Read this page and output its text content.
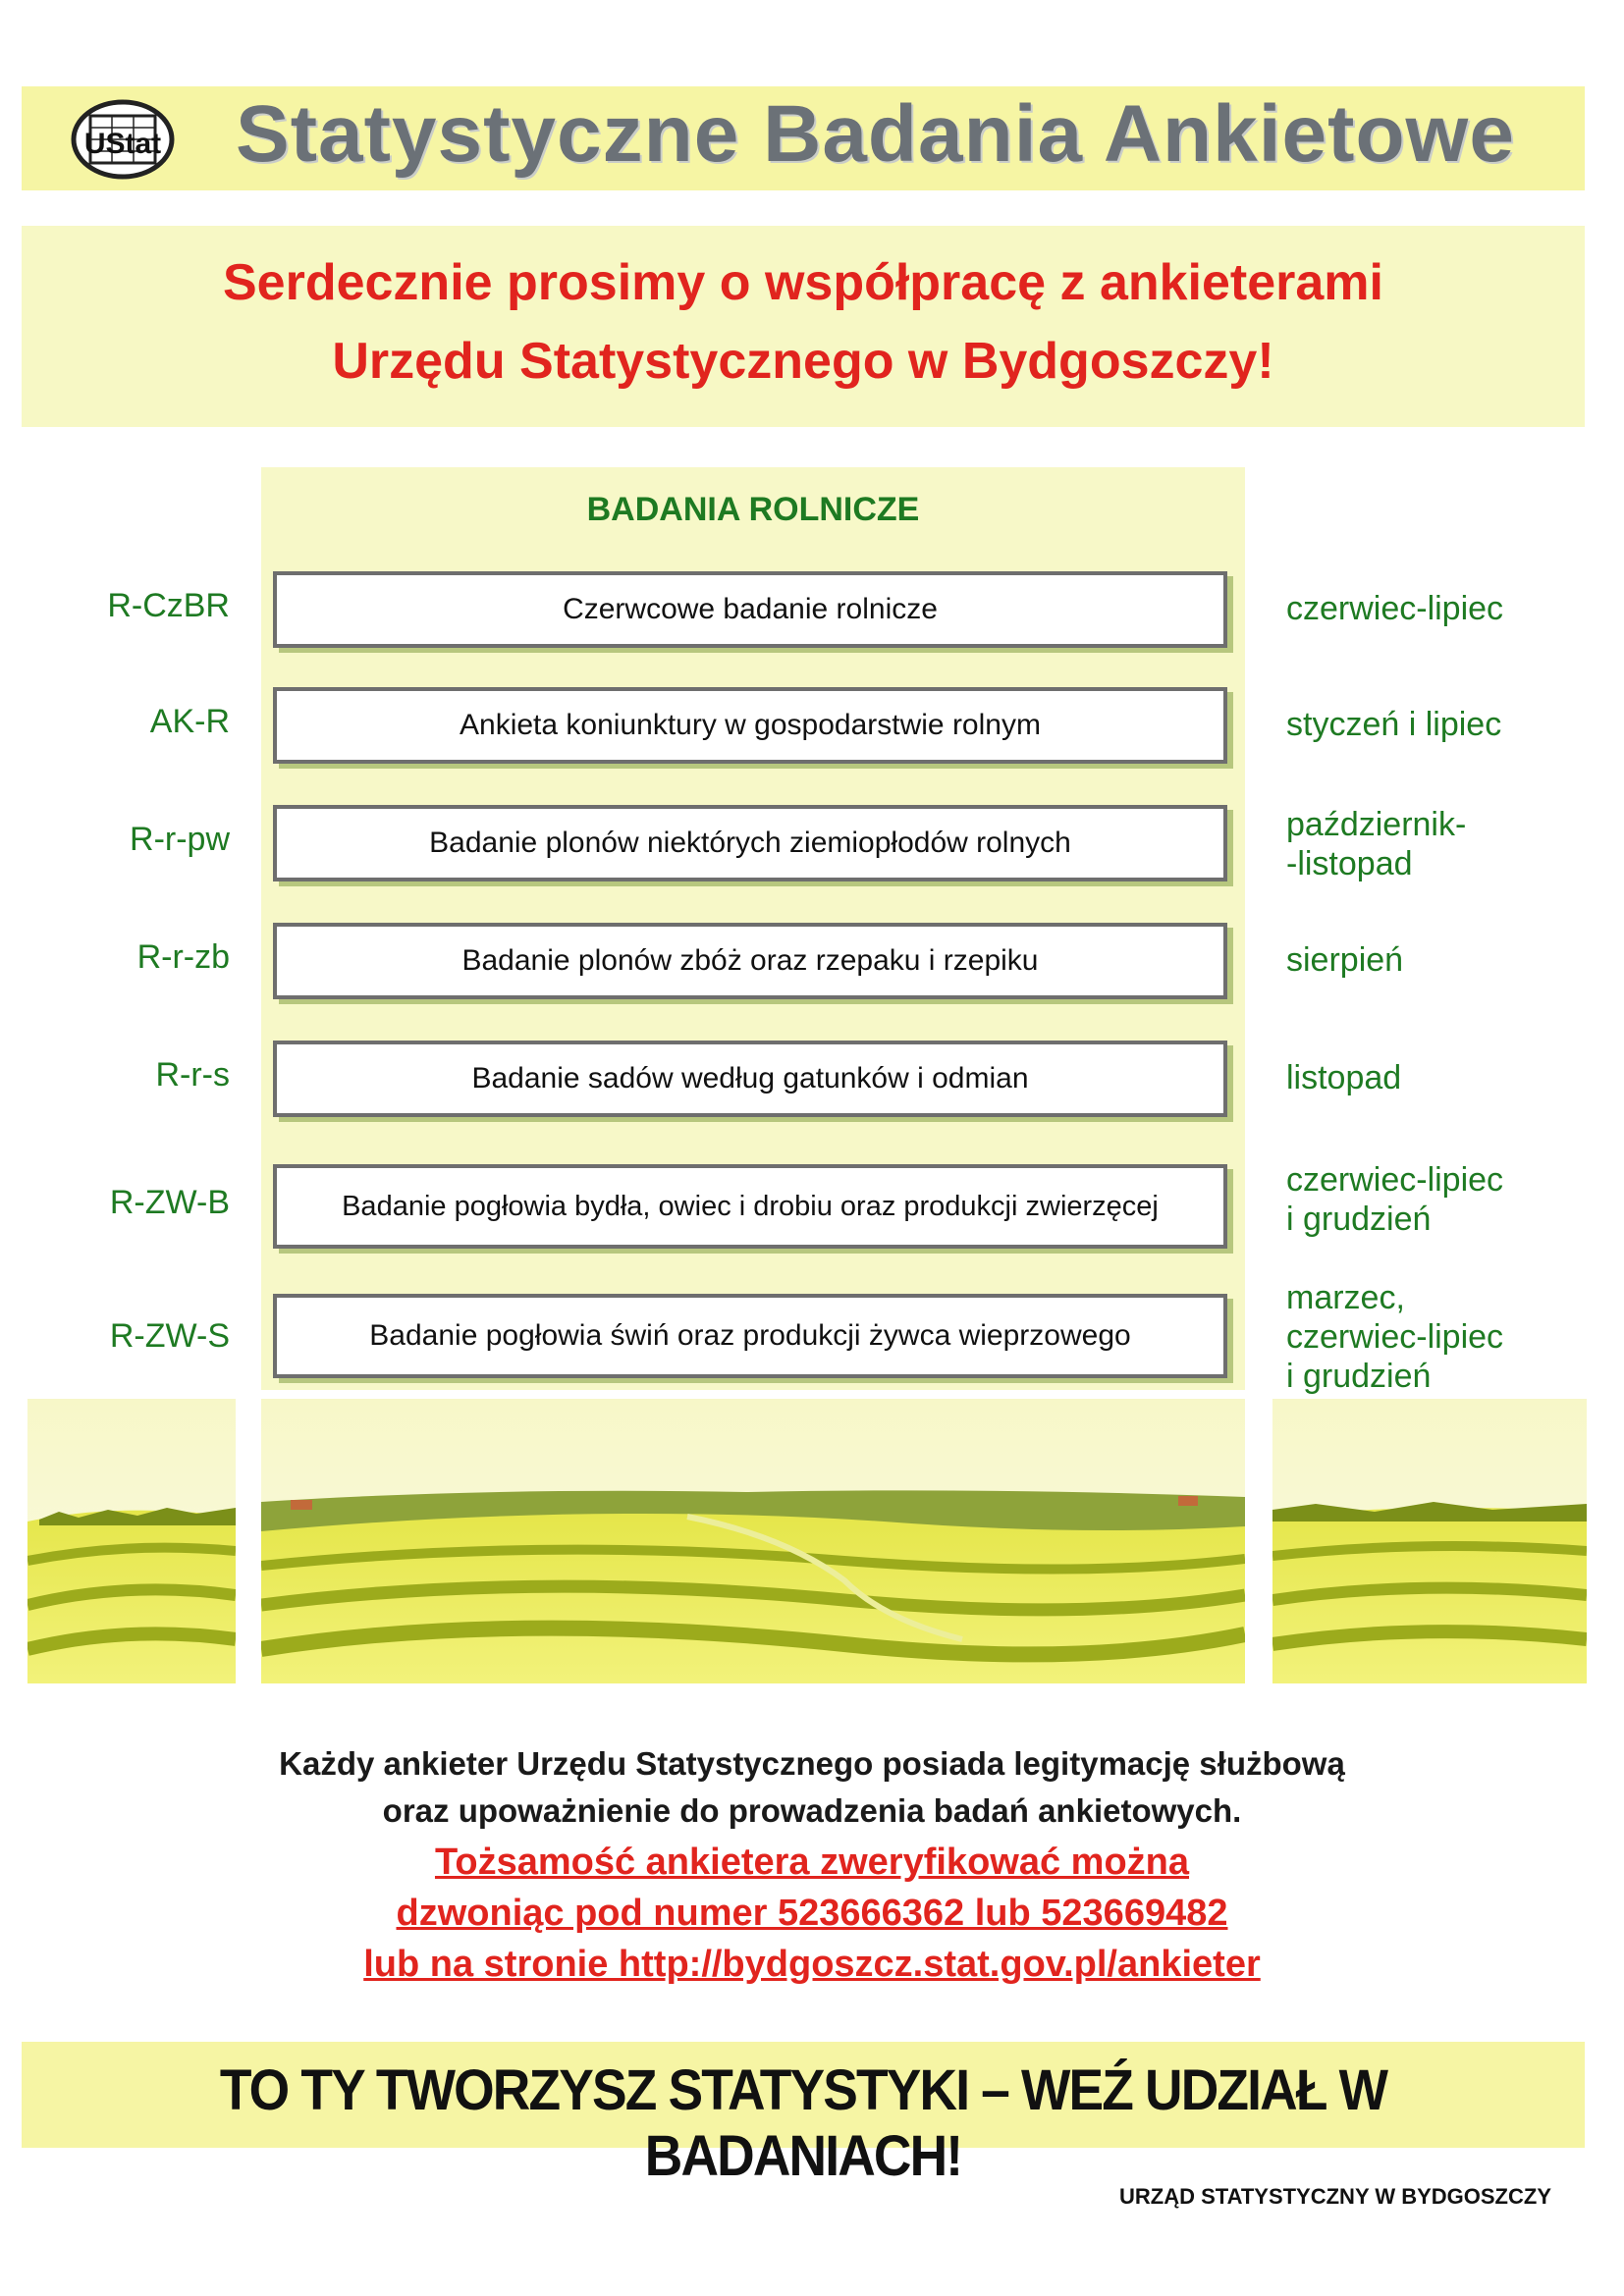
UStat Statystyczne Badania Ankietowe
Serdecznie prosimy o współpracę z ankieterami
Urzędu Statystycznego w Bydgoszczy!
BADANIA ROLNICZE
R-CzBR	Czerwcowe badanie rolnicze	czerwiec-lipiec
AK-R	Ankieta koniunktury w gospodarstwie rolnym	styczeń i lipiec
R-r-pw	Badanie plonów niektórych ziemiopłodów rolnych	październik-
-listopad
R-r-zb	Badanie plonów zbóż oraz rzepaku i rzepiku	sierpień
R-r-s	Badanie sadów według gatunków i odmian	listopad
R-ZW-B	Badanie pogłowia bydła, owiec i drobiu oraz produkcji zwierzęcej
czerwiec-lipiec
i grudzień
R-ZW-S	Badanie pogłowia świń oraz produkcji żywca wieprzowego
marzec,
czerwiec-lipiec
i grudzień
Każdy ankieter Urzędu Statystycznego posiada legitymację służbową
oraz upoważnienie do prowadzenia badań ankietowych.
Tożsamość ankietera zweryfikować można
dzwoniąc pod numer 523666362 lub 523669482
lub na stronie http://bydgoszcz.stat.gov.pl/ankieter
TO TY TWORZYSZ STATYSTYKI – WEŹ UDZIAŁ W BADANIACH!
URZĄD STATYSTYCZNY W BYDGOSZCZY
